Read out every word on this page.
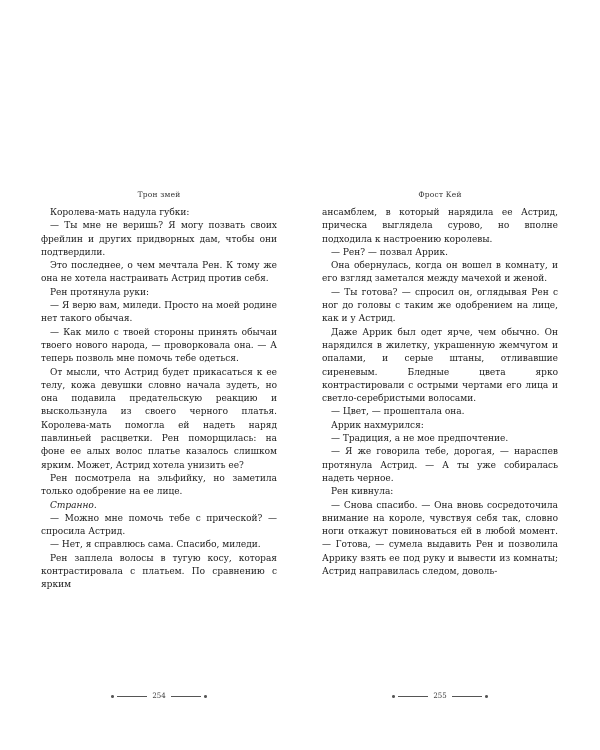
Трон змей

Королева-мать надула губки:

— Ты мне не веришь? Я могу позвать своих фрейлин и других придворных дам, чтобы они подтвердили.

Это последнее, о чем мечтала Рен. К тому же она не хотела настраивать Астрид против себя.

Рен протянула руки:

— Я верю вам, миледи. Просто на моей родине нет такого обычая.

— Как мило с твоей стороны принять обычаи твоего нового народа, — проворковала она. — А теперь позволь мне помочь тебе одеться.

От мысли, что Астрид будет прикасаться к ее телу, кожа девушки словно начала зудеть, но она подавила предательскую реакцию и выскользнула из своего черного платья. Королева-мать помогла ей надеть наряд павлиньей расцветки. Рен поморщилась: на фоне ее алых волос платье казалось слишком ярким. Может, Астрид хотела унизить ее?

Рен посмотрела на эльфийку, но заметила только одобрение на ее лице.

Странно.

— Можно мне помочь тебе с прической? — спросила Астрид.

— Нет, я справлюсь сама. Спасибо, миледи.

Рен заплела волосы в тугую косу, которая контрастировала с платьем. По сравнению с ярким

254
Фрост Кей

ансамблем, в который нарядила ее Астрид, прическа выглядела сурово, но вполне подходила к настроению королевы.

— Рен? — позвал Аррик.

Она обернулась, когда он вошел в комнату, и его взгляд заметался между мачехой и женой.

— Ты готова? — спросил он, оглядывая Рен с ног до головы с таким же одобрением на лице, как и у Астрид.

Даже Аррик был одет ярче, чем обычно. Он нарядился в жилетку, украшенную жемчугом и опалами, и серые штаны, отливавшие сиреневым. Бледные цвета ярко контрастировали с острыми чертами его лица и светло-серебристыми волосами.

— Цвет, — прошептала она.

Аррик нахмурился:

— Традиция, а не мое предпочтение.

— Я же говорила тебе, дорогая, — нараспев протянула Астрид. — А ты уже собиралась надеть черное.

Рен кивнула:

— Снова спасибо. — Она вновь сосредоточила внимание на короле, чувствуя себя так, словно ноги откажут повиноваться ей в любой момент. — Готова, — сумела выдавить Рен и позволила Аррику взять ее под руку и вывести из комнаты; Астрид направилась следом, доволь-

255
